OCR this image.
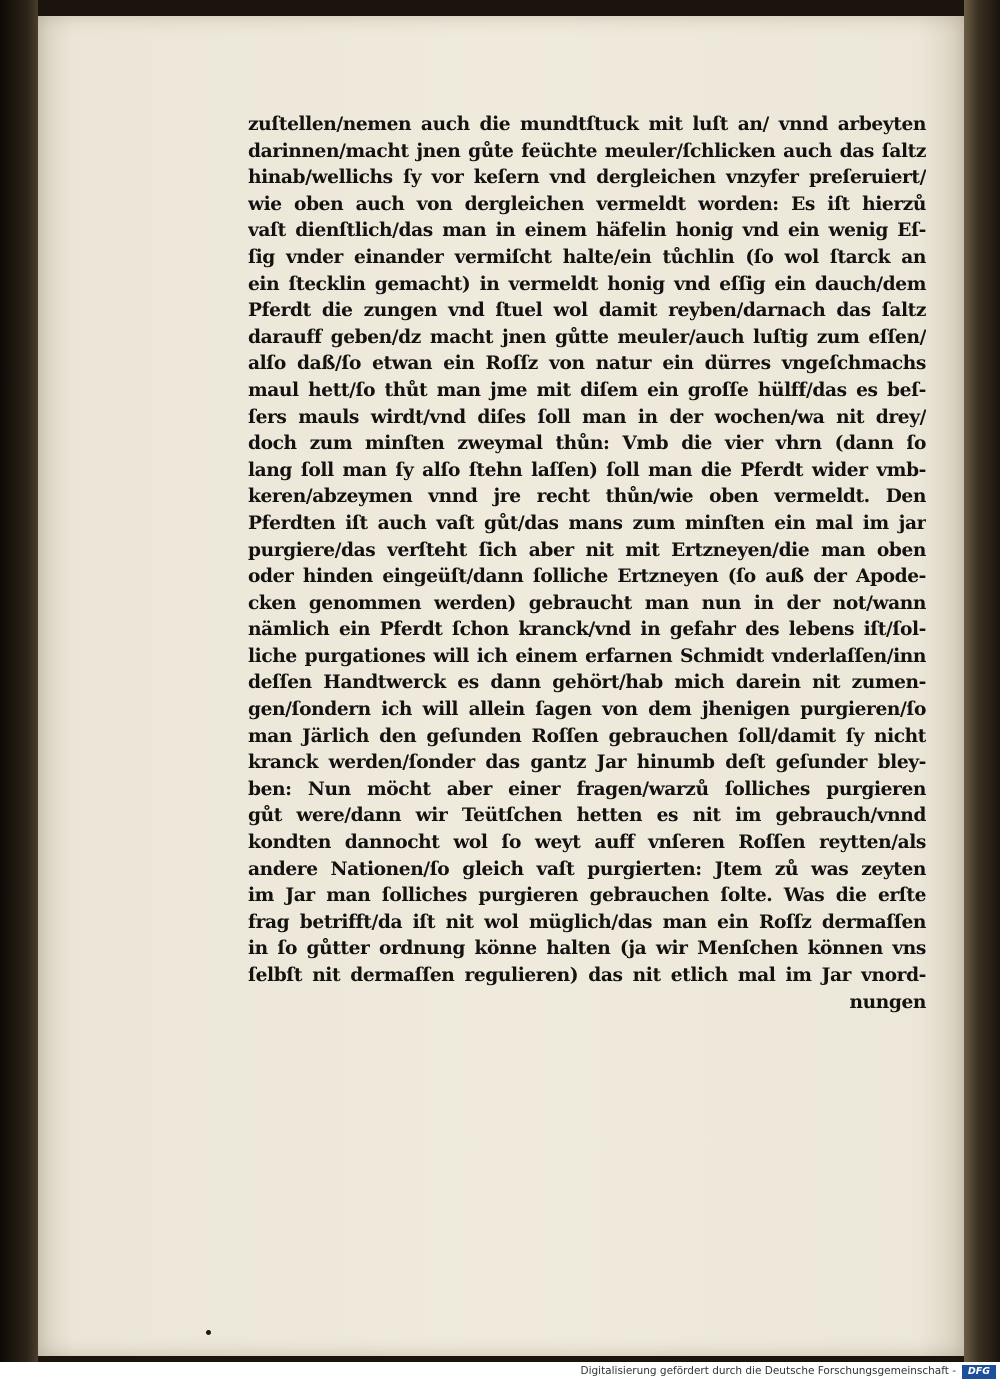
zuſtellen/nemen auch die mundtſtuck mit luſt an/ vnnd arbeyten
darinnen/macht jnen gůte feüchte meuler/ſchlicken auch das ſaltz
hinab/wellichs ſy vor keſern vnd dergleichen vnzyfer preſeruiert/
wie oben auch von dergleichen vermeldt worden: Es iſt hierzů
vaſt dienſtlich/das man in einem häfelin honig vnd ein wenig Eſ-
ſig vnder einander vermiſcht halte/ein tůchlin (ſo wol ſtarck an
ein ſtecklin gemacht) in vermeldt honig vnd eſſig ein dauch/dem
Pferdt die zungen vnd ſtuel wol damit reyben/darnach das ſaltz
darauff geben/dz macht jnen gůtte meuler/auch luſtig zum eſſen/
alſo daß/ſo etwan ein Roſſz von natur ein dürres vngeſchmachs
maul hett/ſo thůt man jme mit diſem ein groſſe hülff/das es beſ-
ſers mauls wirdt/vnd diſes ſoll man in der wochen/wa nit drey/
doch zum minſten zweymal thůn: Vmb die vier vhrn (dann ſo
lang ſoll man ſy alſo ſtehn laſſen) ſoll man die Pferdt wider vmb-
keren/abzeymen vnnd jre recht thůn/wie oben vermeldt. Den
Pferdten iſt auch vaſt gůt/das mans zum minſten ein mal im jar
purgiere/das verſteht ſich aber nit mit Ertzneyen/die man oben
oder hinden eingeüſt/dann ſolliche Ertzneyen (ſo auß der Apode-
cken genommen werden) gebraucht man nun in der not/wann
nämlich ein Pferdt ſchon kranck/vnd in gefahr des lebens iſt/ſol-
liche purgationes will ich einem erfarnen Schmidt vnderlaſſen/inn
deſſen Handtwerck es dann gehört/hab mich darein nit zumen-
gen/ſondern ich will allein ſagen von dem jhenigen purgieren/ſo
man Järlich den geſunden Roſſen gebrauchen ſoll/damit ſy nicht
kranck werden/ſonder das gantz Jar hinumb deſt geſunder bley-
ben: Nun möcht aber einer fragen/warzů ſolliches purgieren
gůt were/dann wir Teütſchen hetten es nit im gebrauch/vnnd
kondten dannocht wol ſo weyt auff vnſeren Roſſen reytten/als
andere Nationen/ſo gleich vaſt purgierten: Jtem zů was zeyten
im Jar man ſolliches purgieren gebrauchen ſolte. Was die erſte
frag betrifft/da iſt nit wol müglich/das man ein Roſſz dermaſſen
in ſo gůtter ordnung könne halten (ja wir Menſchen können vns
ſelbſt nit dermaſſen regulieren) das nit etlich mal im Jar vnord-
nungen
Digitalisierung gefördert durch die Deutsche Forschungsgemeinschaft -	DFG
